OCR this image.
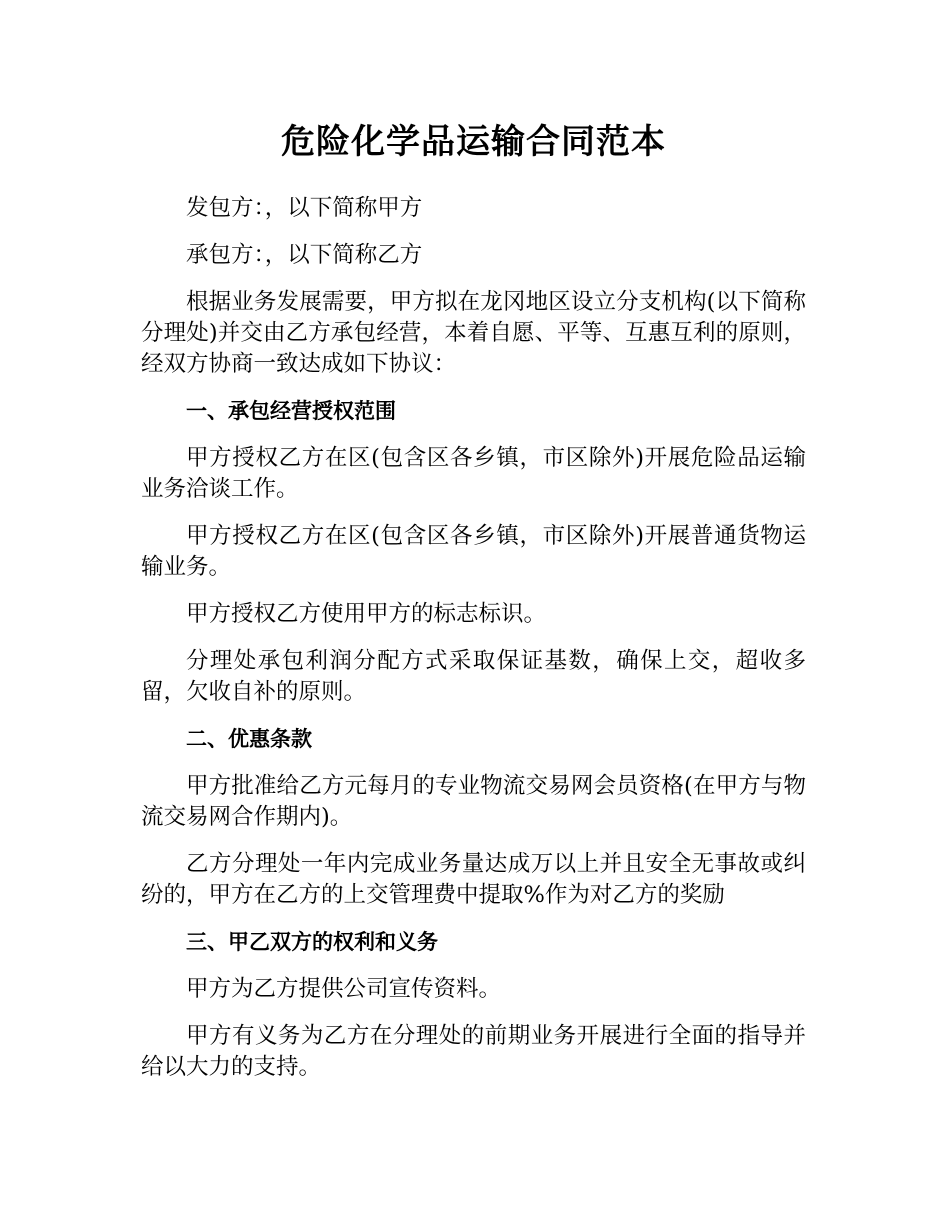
危险化学品运输合同范本

发包方：，以下简称甲方

承包方：，以下简称乙方

根据业务发展需要，甲方拟在龙冈地区设立分支机构(以下简称分理处)并交由乙方承包经营，本着自愿、平等、互惠互利的原则，经双方协商一致达成如下协议：

一、承包经营授权范围

甲方授权乙方在区(包含区各乡镇，市区除外)开展危险品运输业务洽谈工作。

甲方授权乙方在区(包含区各乡镇，市区除外)开展普通货物运输业务。

甲方授权乙方使用甲方的标志标识。

分理处承包利润分配方式采取保证基数，确保上交，超收多留，欠收自补的原则。

二、优惠条款

甲方批准给乙方元每月的专业物流交易网会员资格(在甲方与物流交易网合作期内)。

乙方分理处一年内完成业务量达成万以上并且安全无事故或纠纷的，甲方在乙方的上交管理费中提取%作为对乙方的奖励

三、甲乙双方的权利和义务

甲方为乙方提供公司宣传资料。

甲方有义务为乙方在分理处的前期业务开展进行全面的指导并给以大力的支持。
